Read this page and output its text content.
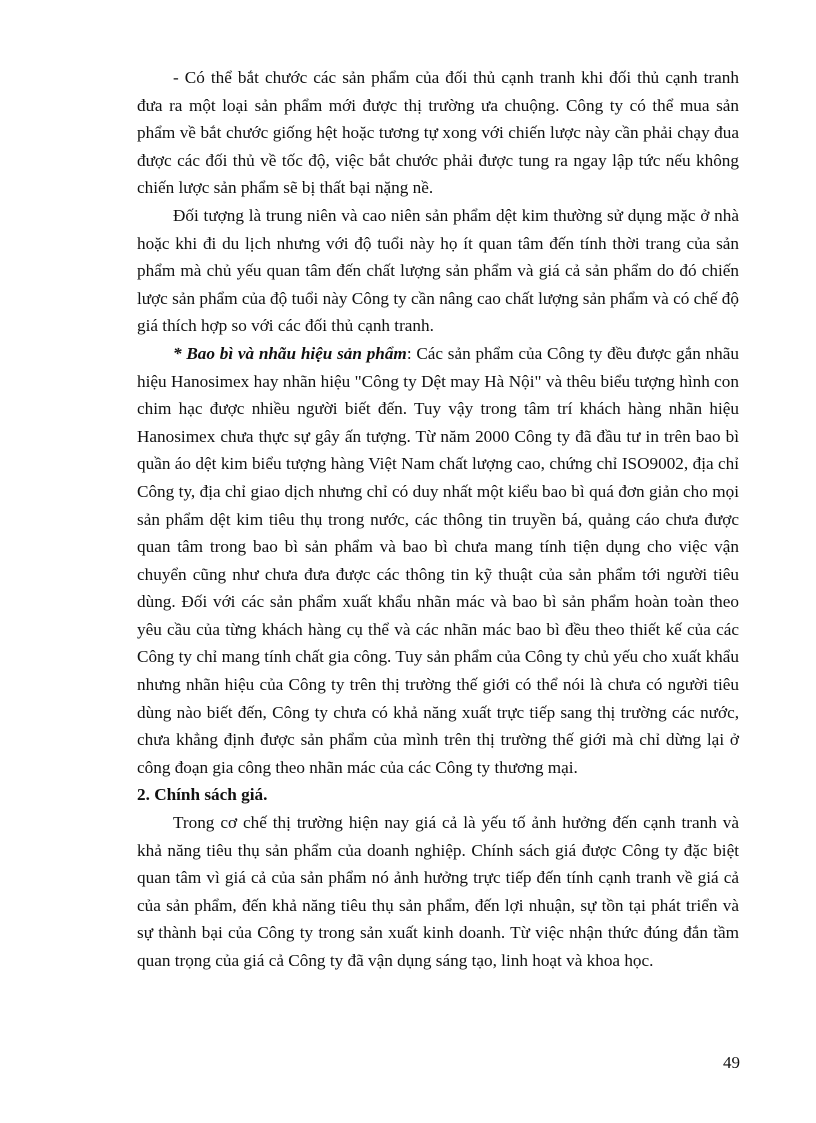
- Có thể bắt chước các sản phẩm của đối thủ cạnh tranh khi đối thủ cạnh tranh đưa ra một loại sản phẩm mới được thị trường ưa chuộng. Công ty có thể mua sản phẩm về bắt chước giống hệt hoặc tương tự xong với chiến lược này cần phải chạy đua được các đối thủ về tốc độ, việc bắt chước phải được tung ra ngay lập tức nếu không chiến lược sản phẩm sẽ bị thất bại nặng nề.

Đối tượng là trung niên và cao niên sản phẩm dệt kim thường sử dụng mặc ở nhà hoặc khi đi du lịch nhưng với độ tuổi này họ ít quan tâm đến tính thời trang của sản phẩm mà chủ yếu quan tâm đến chất lượng sản phẩm và giá cả sản phẩm do đó chiến lược sản phẩm của độ tuổi này Công ty cần nâng cao chất lượng sản phẩm và có chế độ giá thích hợp so với các đối thủ cạnh tranh.

* Bao bì và nhãu hiệu sản phẩm: Các sản phẩm của Công ty đều được gắn nhãu hiệu Hanosimex hay nhãn hiệu "Công ty Dệt may Hà Nội" và thêu biểu tượng hình con chim hạc được nhiều người biết đến. Tuy vậy trong tâm trí khách hàng nhãn hiệu Hanosimex chưa thực sự gây ấn tượng. Từ năm 2000 Công ty đã đầu tư in trên bao bì quần áo dệt kim biểu tượng hàng Việt Nam chất lượng cao, chứng chỉ ISO9002, địa chỉ Công ty, địa chỉ giao dịch nhưng chỉ có duy nhất một kiểu bao bì quá đơn giản cho mọi sản phẩm dệt kim tiêu thụ trong nước, các thông tin truyền bá, quảng cáo chưa được quan tâm trong bao bì sản phẩm và bao bì chưa mang tính tiện dụng cho việc vận chuyển cũng như chưa đưa được các thông tin kỹ thuật của sản phẩm tới người tiêu dùng. Đối với các sản phẩm xuất khẩu nhãn mác và bao bì sản phẩm hoàn toàn theo yêu cầu của từng khách hàng cụ thể và các nhãn mác bao bì đều theo thiết kế của các Công ty chỉ mang tính chất gia công. Tuy sản phẩm của Công ty chủ yếu cho xuất khẩu nhưng nhãn hiệu của Công ty trên thị trường thế giới có thể nói là chưa có người tiêu dùng nào biết đến, Công ty chưa có khả năng xuất trực tiếp sang thị trường các nước, chưa khẳng định được sản phẩm của mình trên thị trường thế giới mà chỉ dừng lại ở công đoạn gia công theo nhãn mác của các Công ty thương mại.

2. Chính sách giá.

Trong cơ chế thị trường hiện nay giá cả là yếu tố ảnh hưởng đến cạnh tranh và khả năng tiêu thụ sản phẩm của doanh nghiệp. Chính sách giá được Công ty đặc biệt quan tâm vì giá cả của sản phẩm nó ảnh hưởng trực tiếp đến tính cạnh tranh về giá cả của sản phẩm, đến khả năng tiêu thụ sản phẩm, đến lợi nhuận, sự tồn tại phát triển và sự thành bại của Công ty trong sản xuất kinh doanh. Từ việc nhận thức đúng đắn tầm quan trọng của giá cả Công ty đã vận dụng sáng tạo, linh hoạt và khoa học.

49
